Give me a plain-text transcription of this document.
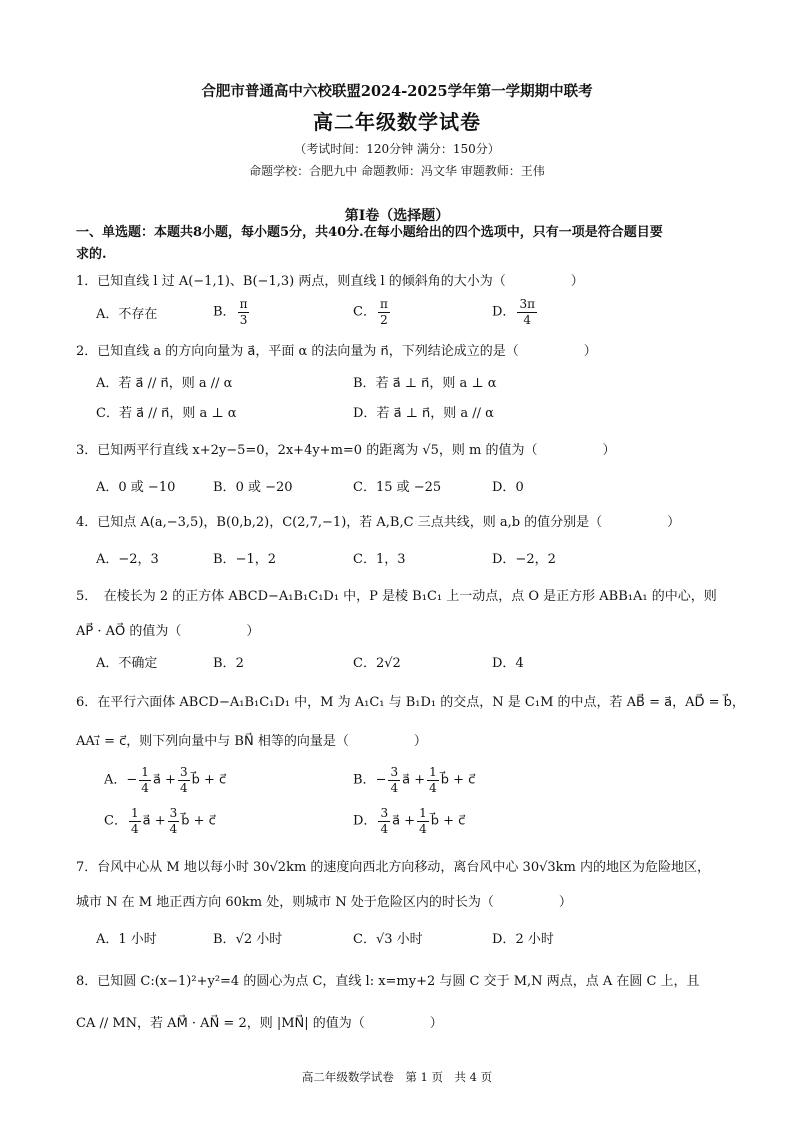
合肥市普通高中六校联盟2024-2025学年第一学期期中联考
高二年级数学试卷
（考试时间：120分钟 满分：150分）
命题学校：合肥九中 命题教师：冯文华 审题教师：王伟
第Ⅰ卷（选择题）
一、单选题：本题共8小题，每小题5分，共40分.在每小题给出的四个选项中，只有一项是符合题目要
求的.
1．已知直线 l 过 A(−1,1)、B(−1,3) 两点，则直线 l 的倾斜角的大小为（　　　　　）
A．不存在	B． $\frac{\pi}{3}$	C． $\frac{\pi}{2}$	D． $\frac{3\pi}{4}$
2．已知直线 a 的方向向量为 a⃗，平面 α 的法向量为 n⃗，下列结论成立的是（　　　　　）
A．若 a⃗ // n⃗，则 a // α	B．若 a⃗ ⊥ n⃗，则 a ⊥ α
C．若 a⃗ // n⃗，则 a ⊥ α	D．若 a⃗ ⊥ n⃗，则 a // α
3．已知两平行直线 x+2y−5=0，2x+4y+m=0 的距离为 √5，则 m 的值为（　　　　　）
A．0 或 −10	B．0 或 −20	C．15 或 −25	D．0
4．已知点 A(a,−3,5)，B(0,b,2)，C(2,7,−1)，若 A,B,C 三点共线，则 a,b 的值分别是（　　　　　）
A．−2，3	B．−1，2	C．1，3	D．−2，2
5．　在棱长为 2 的正方体 ABCD−A₁B₁C₁D₁ 中，P 是棱 B₁C₁ 上一动点，点 O 是正方形 ABB₁A₁ 的中心，则
AP⃗ · AO⃗ 的值为（　　　　　）
A．不确定	B．2	C．2√2	D．4
6．在平行六面体 ABCD−A₁B₁C₁D₁ 中，M 为 A₁C₁ 与 B₁D₁ 的交点，N 是 C₁M 的中点，若 AB⃗ = a⃗，AD⃗ = b⃗，
AA₁⃗ = c⃗，则下列向量中与 BN⃗ 相等的向量是（　　　　　）
A．− $\frac{1}{4}$ a⃗ + $\frac{3}{4}$ b⃗ + c⃗	B．− $\frac{3}{4}$ a⃗ + $\frac{1}{4}$ b⃗ + c⃗
C． $\frac{1}{4}$ a⃗ + $\frac{3}{4}$ b⃗ + c⃗	D． $\frac{3}{4}$ a⃗ + $\frac{1}{4}$ b⃗ + c⃗
7．台风中心从 M 地以每小时 30√2km 的速度向西北方向移动，离台风中心 30√3km 内的地区为危险地区，
城市 N 在 M 地正西方向 60km 处，则城市 N 处于危险区内的时长为（　　　　　）
A．1 小时	B．√2 小时	C．√3 小时	D．2 小时
8．已知圆 C:(x−1)²+y²=4 的圆心为点 C，直线 l: x=my+2 与圆 C 交于 M,N 两点，点 A 在圆 C 上，且
CA // MN，若 AM⃗ · AN⃗ = 2，则 |MN⃗| 的值为（　　　　　）
高二年级数学试卷　第 1 页　共 4 页
